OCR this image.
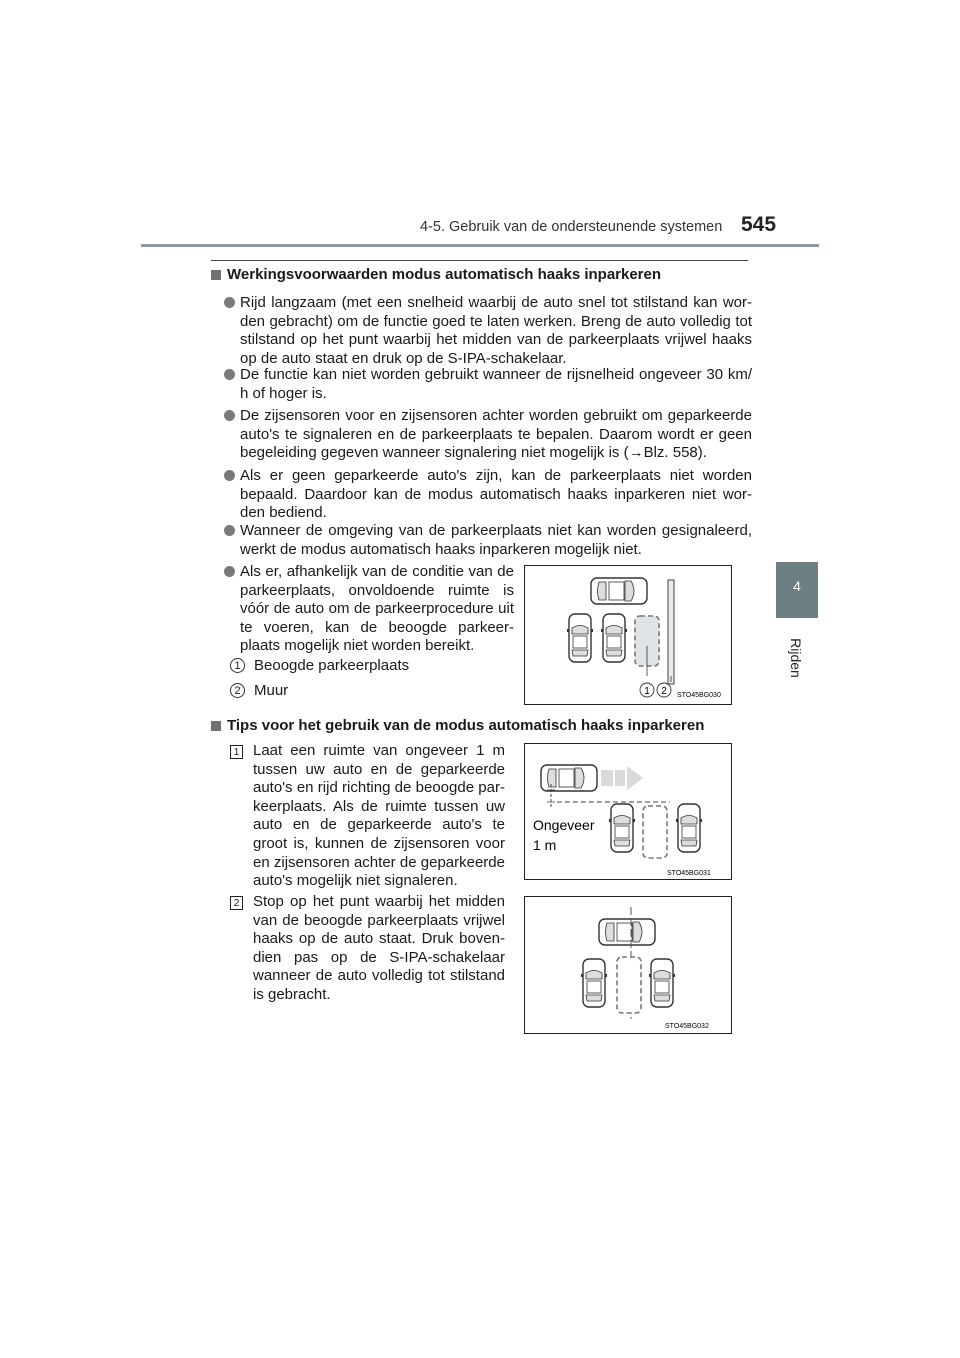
4-5. Gebruik van de ondersteunende systemen 545
4
Rijden
Werkingsvoorwaarden modus automatisch haaks inparkeren
Rijd langzaam (met een snelheid waarbij de auto snel tot stilstand kan wor-den gebracht) om de functie goed te laten werken. Breng de auto volledig tot stilstand op het punt waarbij het midden van de parkeerplaats vrijwel haaks op de auto staat en druk op de S-IPA-schakelaar.
De functie kan niet worden gebruikt wanneer de rijsnelheid ongeveer 30 km/ h of hoger is.
De zijsensoren voor en zijsensoren achter worden gebruikt om geparkeerde auto's te signaleren en de parkeerplaats te bepalen. Daarom wordt er geen begeleiding gegeven wanneer signalering niet mogelijk is (→Blz. 558).
Als er geen geparkeerde auto's zijn, kan de parkeerplaats niet worden bepaald. Daardoor kan de modus automatisch haaks inparkeren niet wor-den bediend.
Wanneer de omgeving van de parkeerplaats niet kan worden gesignaleerd, werkt de modus automatisch haaks inparkeren mogelijk niet.
Als er, afhankelijk van de conditie van de parkeerplaats, onvoldoende ruimte is vóór de auto om de parkeerprocedure uit te voeren, kan de beoogde parkeer-plaats mogelijk niet worden bereikt.
1 Beoogde parkeerplaats
2 Muur	1 2 STO45BG030
Tips voor het gebruik van de modus automatisch haaks inparkeren
1 Laat een ruimte van ongeveer 1 m tussen uw auto en de geparkeerde auto's en rijd richting de beoogde par-keerplaats. Als de ruimte tussen uw auto en de geparkeerde auto's te groot is, kunnen de zijsensoren voor en zijsensoren achter de geparkeerde auto's mogelijk niet signaleren.
Ongeveer
1 m
STO45BG031
2 Stop op het punt waarbij het midden van de beoogde parkeerplaats vrijwel haaks op de auto staat. Druk boven-dien pas op de S-IPA-schakelaar wanneer de auto volledig tot stilstand is gebracht.
STO45BG032
